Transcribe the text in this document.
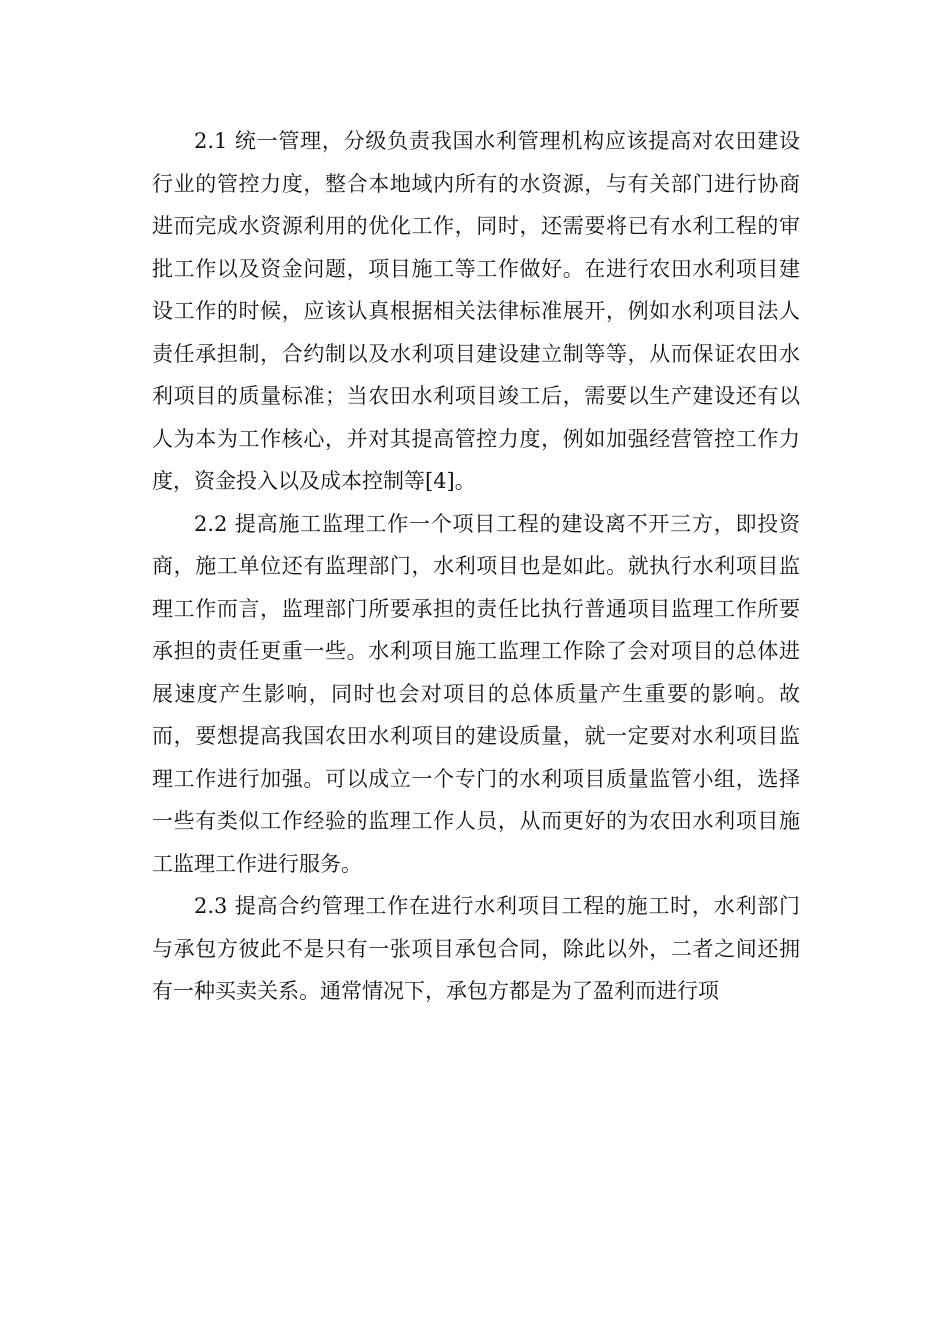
2.1 统一管理，分级负责我国水利管理机构应该提高对农田建设行业的管控力度，整合本地域内所有的水资源，与有关部门进行协商进而完成水资源利用的优化工作，同时，还需要将已有水利工程的审批工作以及资金问题，项目施工等工作做好。在进行农田水利项目建设工作的时候，应该认真根据相关法律标准展开，例如水利项目法人责任承担制，合约制以及水利项目建设建立制等等，从而保证农田水利项目的质量标准；当农田水利项目竣工后，需要以生产建设还有以人为本为工作核心，并对其提高管控力度，例如加强经营管控工作力度，资金投入以及成本控制等[4]。

2.2 提高施工监理工作一个项目工程的建设离不开三方，即投资商，施工单位还有监理部门，水利项目也是如此。就执行水利项目监理工作而言，监理部门所要承担的责任比执行普通项目监理工作所要承担的责任更重一些。水利项目施工监理工作除了会对项目的总体进展速度产生影响，同时也会对项目的总体质量产生重要的影响。故而，要想提高我国农田水利项目的建设质量，就一定要对水利项目监理工作进行加强。可以成立一个专门的水利项目质量监管小组，选择一些有类似工作经验的监理工作人员，从而更好的为农田水利项目施工监理工作进行服务。

2.3 提高合约管理工作在进行水利项目工程的施工时，水利部门与承包方彼此不是只有一张项目承包合同，除此以外，二者之间还拥有一种买卖关系。通常情况下，承包方都是为了盈利而进行项
